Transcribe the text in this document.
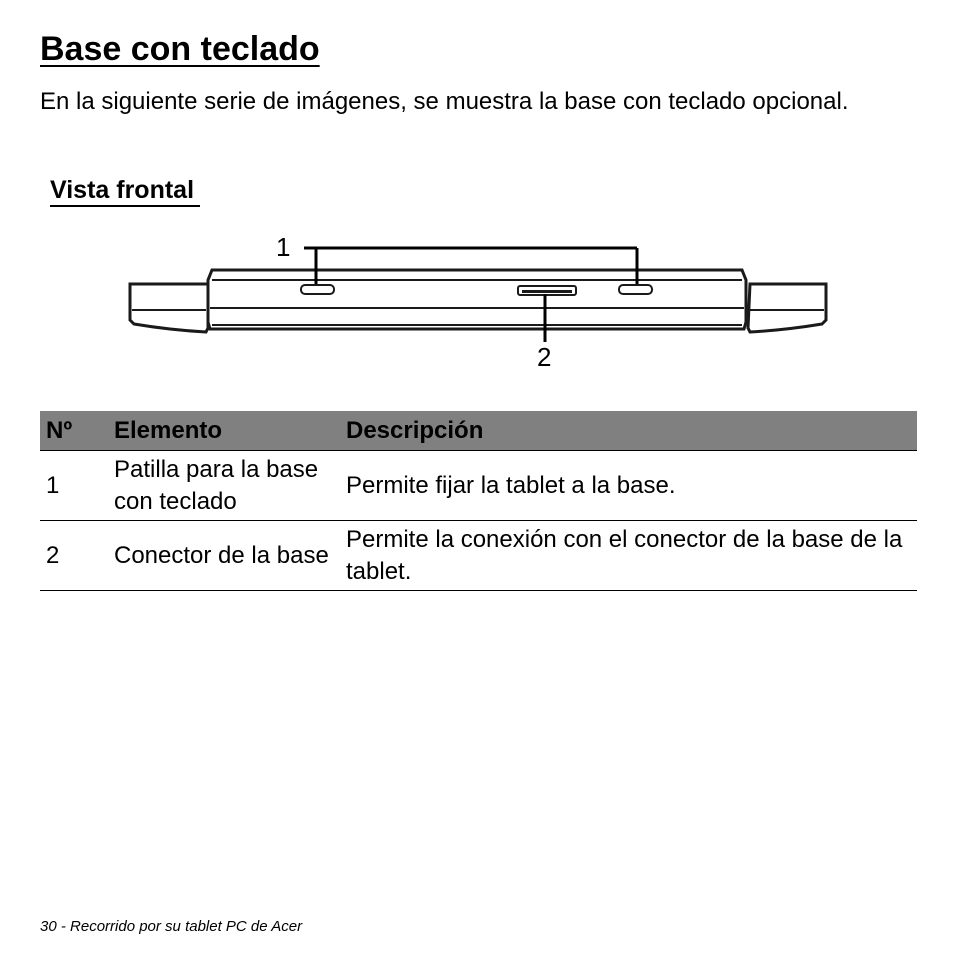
Base con teclado

En la siguiente serie de imágenes, se muestra la base con teclado opcional.

Vista frontal
1
2
Nº	Elemento	Descripción
1	Patilla para la base con teclado	Permite fijar la tablet a la base.
2	Conector de la base	Permite la conexión con el conector de la base de la tablet.

30 - Recorrido por su tablet PC de Acer
